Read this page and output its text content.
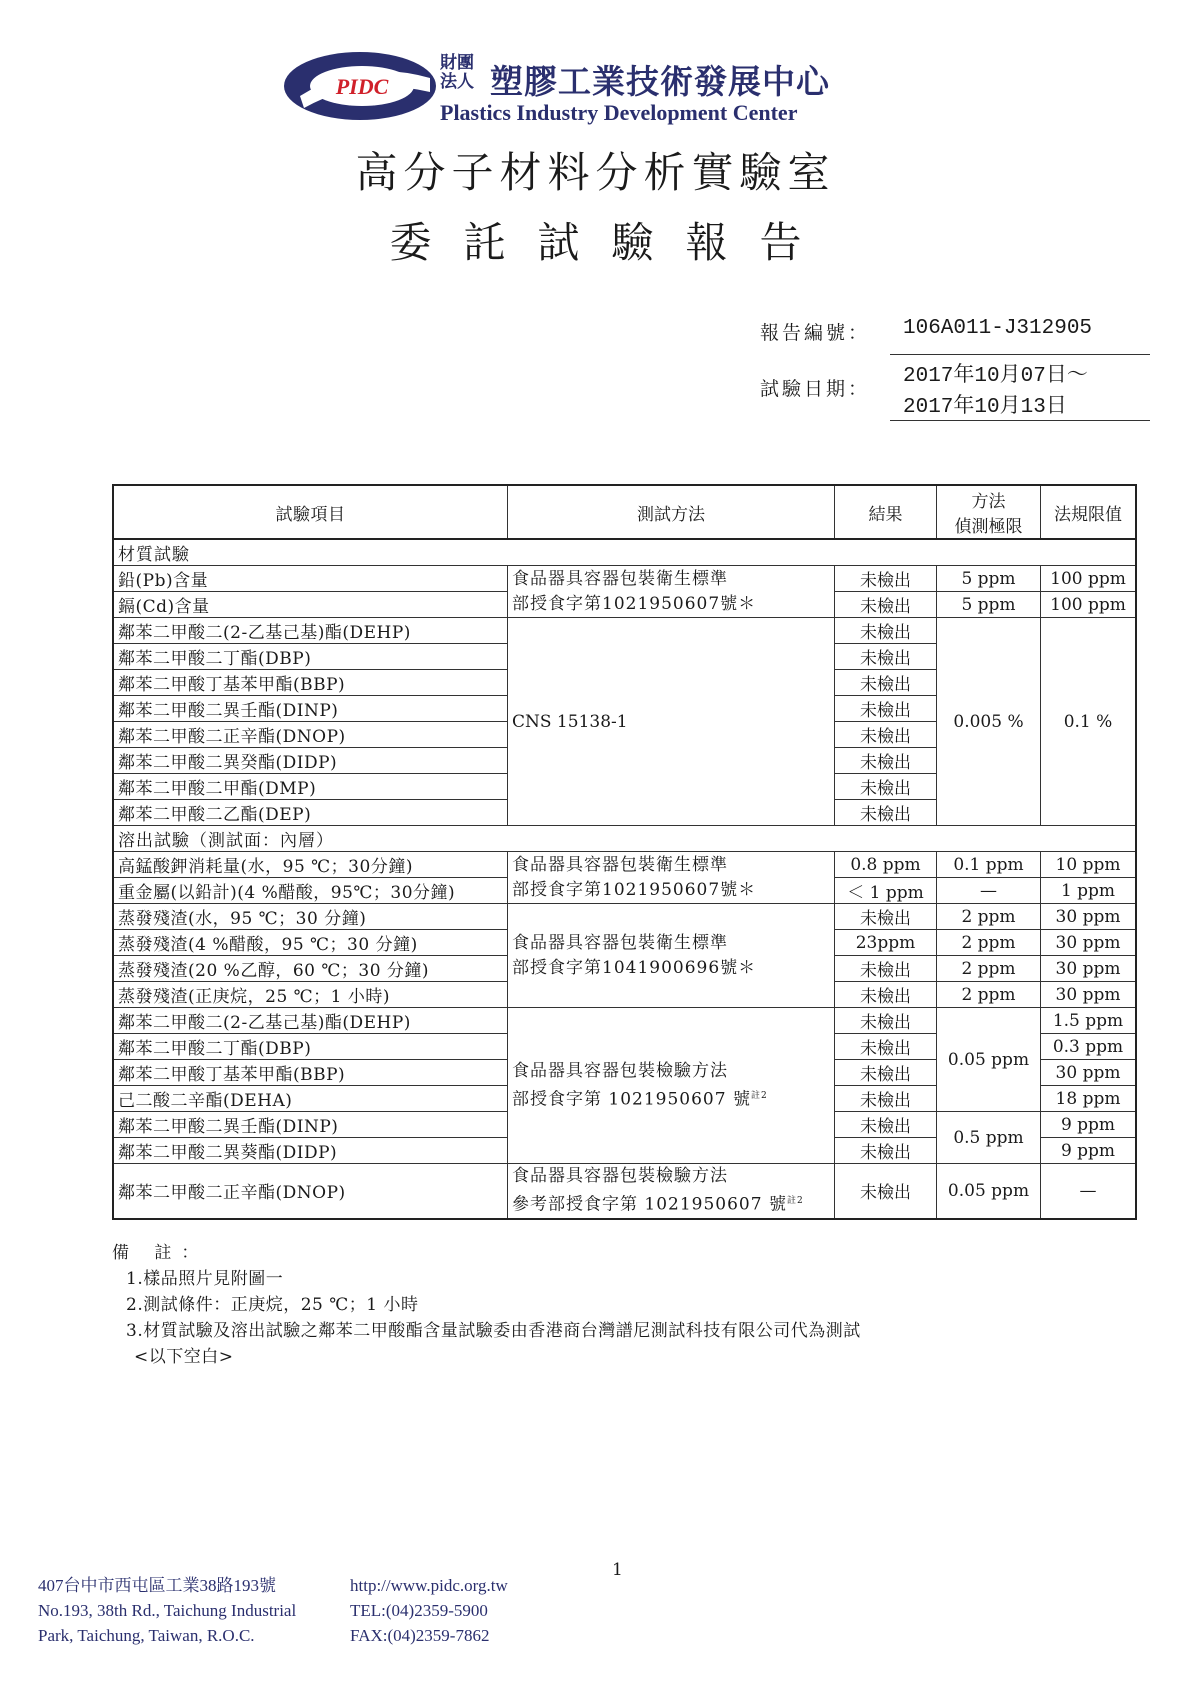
PIDC
財團
法人 塑膠工業技術發展中心
Plastics Industry Development Center
高分子材料分析實驗室
委託試驗報告
報告編號： 106A011-J312905
試驗日期：
2017年10月07日～
2017年10月13日
試驗項目	測試方法	結果	方法
偵測極限	法規限值
材質試驗				
鉛(Pb)含量	食品器具容器包裝衛生標準
部授食字第1021950607號＊	未檢出	5 ppm	100 ppm
鎘(Cd)含量		未檢出	5 ppm	100 ppm
鄰苯二甲酸二(2-乙基己基)酯(DEHP)	CNS 15138-1	未檢出	0.005 %	0.1 %
鄰苯二甲酸二丁酯(DBP)		未檢出		
鄰苯二甲酸丁基苯甲酯(BBP)		未檢出		
鄰苯二甲酸二異壬酯(DINP)		未檢出		
鄰苯二甲酸二正辛酯(DNOP)		未檢出		
鄰苯二甲酸二異癸酯(DIDP)		未檢出		
鄰苯二甲酸二甲酯(DMP)		未檢出		
鄰苯二甲酸二乙酯(DEP)		未檢出		
溶出試驗（測試面：內層）				
高錳酸鉀消耗量(水，95 ℃；30分鐘)	食品器具容器包裝衛生標準
部授食字第1021950607號＊	0.8 ppm	0.1 ppm	10 ppm
重金屬(以鉛計)(4 %醋酸，95℃；30分鐘)		＜ 1 ppm	—	1 ppm
蒸發殘渣(水，95 ℃；30 分鐘)	食品器具容器包裝衛生標準
部授食字第1041900696號＊	未檢出	2 ppm	30 ppm
蒸發殘渣(4 %醋酸，95 ℃；30 分鐘)		23ppm	2 ppm	30 ppm
蒸發殘渣(20 %乙醇，60 ℃；30 分鐘)		未檢出	2 ppm	30 ppm
蒸發殘渣(正庚烷，25 ℃；1 小時)		未檢出	2 ppm	30 ppm
鄰苯二甲酸二(2-乙基己基)酯(DEHP)	食品器具容器包裝檢驗方法
部授食字第 1021950607 號$^{註2}$	未檢出	0.05 ppm	1.5 ppm
鄰苯二甲酸二丁酯(DBP)		未檢出		0.3 ppm
鄰苯二甲酸丁基苯甲酯(BBP)		未檢出		30 ppm
己二酸二辛酯(DEHA)		未檢出		18 ppm
鄰苯二甲酸二異壬酯(DINP)		未檢出	0.5 ppm	9 ppm
鄰苯二甲酸二異葵酯(DIDP)		未檢出		9 ppm
鄰苯二甲酸二正辛酯(DNOP)	食品器具容器包裝檢驗方法
參考部授食字第 1021950607 號$^{註2}$	未檢出	0.05 ppm	—
備 註：
1.樣品照片見附圖一
2.測試條件：正庚烷，25 ℃；1 小時
3.材質試驗及溶出試驗之鄰苯二甲酸酯含量試驗委由香港商台灣譜尼測試科技有限公司代為測試
<以下空白>
1
407台中市西屯區工業38路193號
No.193, 38th Rd., Taichung Industrial
Park, Taichung, Taiwan, R.O.C.
http://www.pidc.org.tw
TEL:(04)2359-5900
FAX:(04)2359-7862
